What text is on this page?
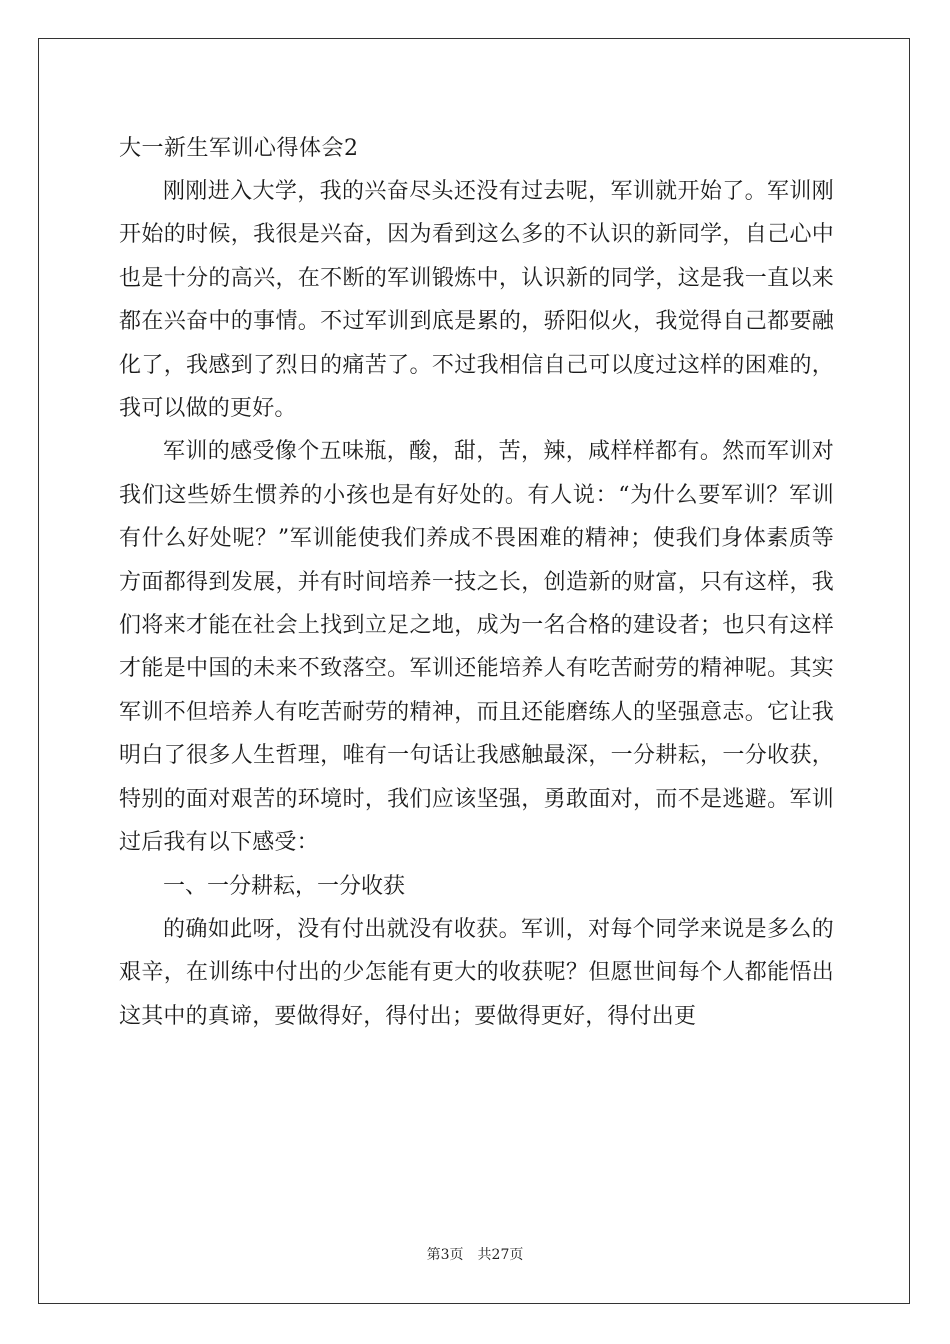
大一新生军训心得体会2

刚刚进入大学，我的兴奋尽头还没有过去呢，军训就开始了。军训刚开始的时候，我很是兴奋，因为看到这么多的不认识的新同学，自己心中也是十分的高兴，在不断的军训锻炼中，认识新的同学，这是我一直以来都在兴奋中的事情。不过军训到底是累的，骄阳似火，我觉得自己都要融化了，我感到了烈日的痛苦了。不过我相信自己可以度过这样的困难的，我可以做的更好。

军训的感受像个五味瓶，酸，甜，苦，辣，咸样样都有。然而军训对我们这些娇生惯养的小孩也是有好处的。有人说：“为什么要军训？军训有什么好处呢？”军训能使我们养成不畏困难的精神；使我们身体素质等方面都得到发展，并有时间培养一技之长，创造新的财富，只有这样，我们将来才能在社会上找到立足之地，成为一名合格的建设者；也只有这样才能是中国的未来不致落空。军训还能培养人有吃苦耐劳的精神呢。其实军训不但培养人有吃苦耐劳的精神，而且还能磨练人的坚强意志。它让我明白了很多人生哲理，唯有一句话让我感触最深，一分耕耘，一分收获，特别的面对艰苦的环境时，我们应该坚强，勇敢面对，而不是逃避。军训过后我有以下感受：

一、一分耕耘，一分收获

的确如此呀，没有付出就没有收获。军训，对每个同学来说是多么的艰辛，在训练中付出的少怎能有更大的收获呢？但愿世间每个人都能悟出这其中的真谛，要做得好，得付出；要做得更好，得付出更

第3页 共27页
